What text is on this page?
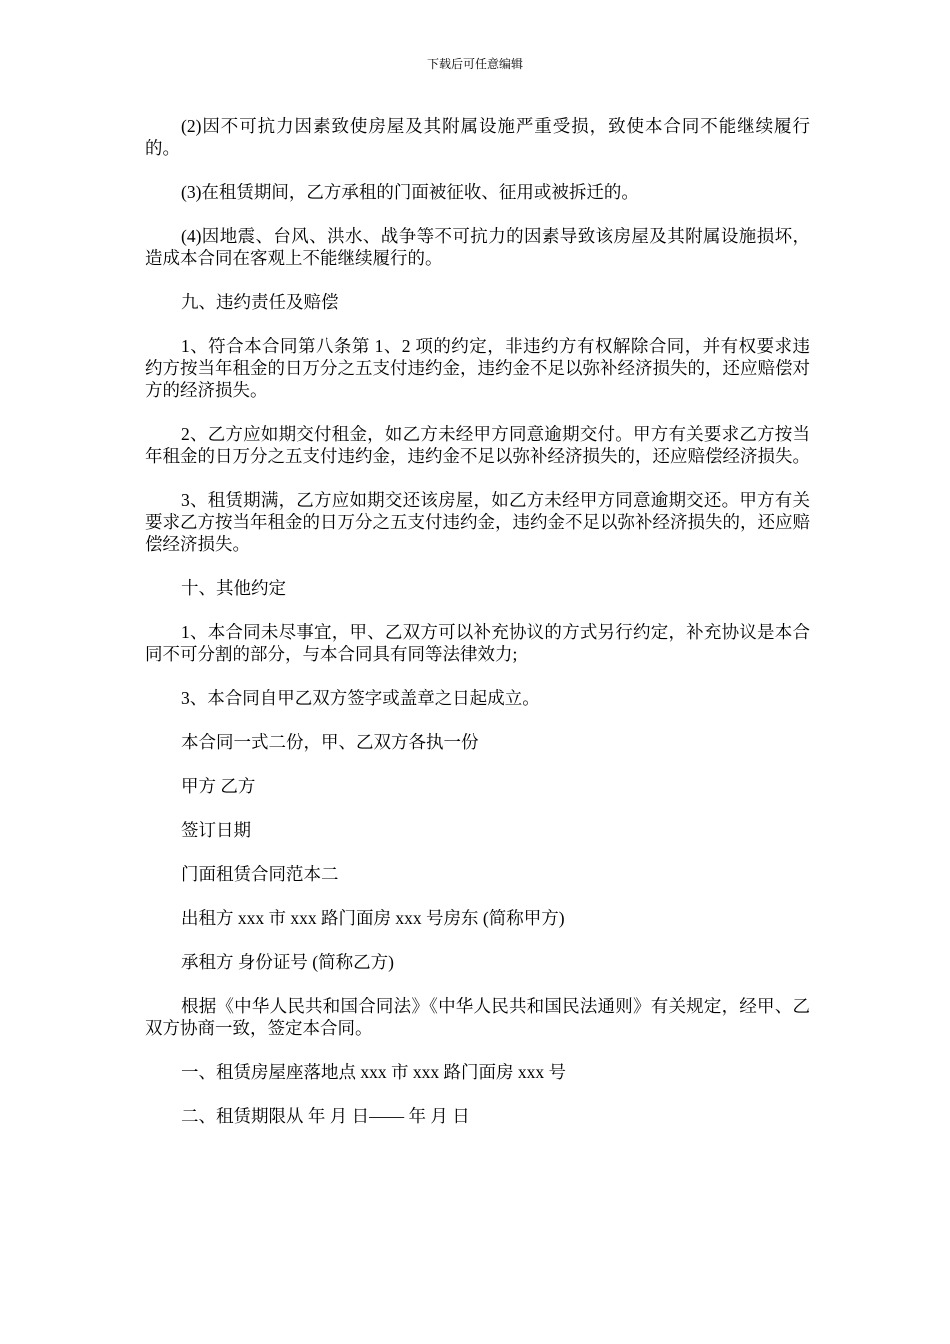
下载后可任意编辑

(2)因不可抗力因素致使房屋及其附属设施严重受损，致使本合同不能继续履行的。

(3)在租赁期间，乙方承租的门面被征收、征用或被拆迁的。

(4)因地震、台风、洪水、战争等不可抗力的因素导致该房屋及其附属设施损坏，造成本合同在客观上不能继续履行的。

九、违约责任及赔偿

1、符合本合同第八条第 1、2 项的约定，非违约方有权解除合同，并有权要求违约方按当年租金的日万分之五支付违约金，违约金不足以弥补经济损失的，还应赔偿对方的经济损失。

2、乙方应如期交付租金，如乙方未经甲方同意逾期交付。甲方有关要求乙方按当年租金的日万分之五支付违约金，违约金不足以弥补经济损失的，还应赔偿经济损失。

3、租赁期满，乙方应如期交还该房屋，如乙方未经甲方同意逾期交还。甲方有关要求乙方按当年租金的日万分之五支付违约金，违约金不足以弥补经济损失的，还应赔偿经济损失。

十、其他约定

1、本合同未尽事宜，甲、乙双方可以补充协议的方式另行约定，补充协议是本合同不可分割的部分，与本合同具有同等法律效力;

3、本合同自甲乙双方签字或盖章之日起成立。

本合同一式二份，甲、乙双方各执一份

甲方 乙方

签订日期

门面租赁合同范本二

出租方 xxx 市 xxx 路门面房 xxx 号房东 (简称甲方)

承租方 身份证号 (简称乙方)

根据《中华人民共和国合同法》《中华人民共和国民法通则》有关规定，经甲、乙双方协商一致，签定本合同。

一、租赁房屋座落地点 xxx 市 xxx 路门面房 xxx 号

二、租赁期限从 年 月 日—— 年 月 日
